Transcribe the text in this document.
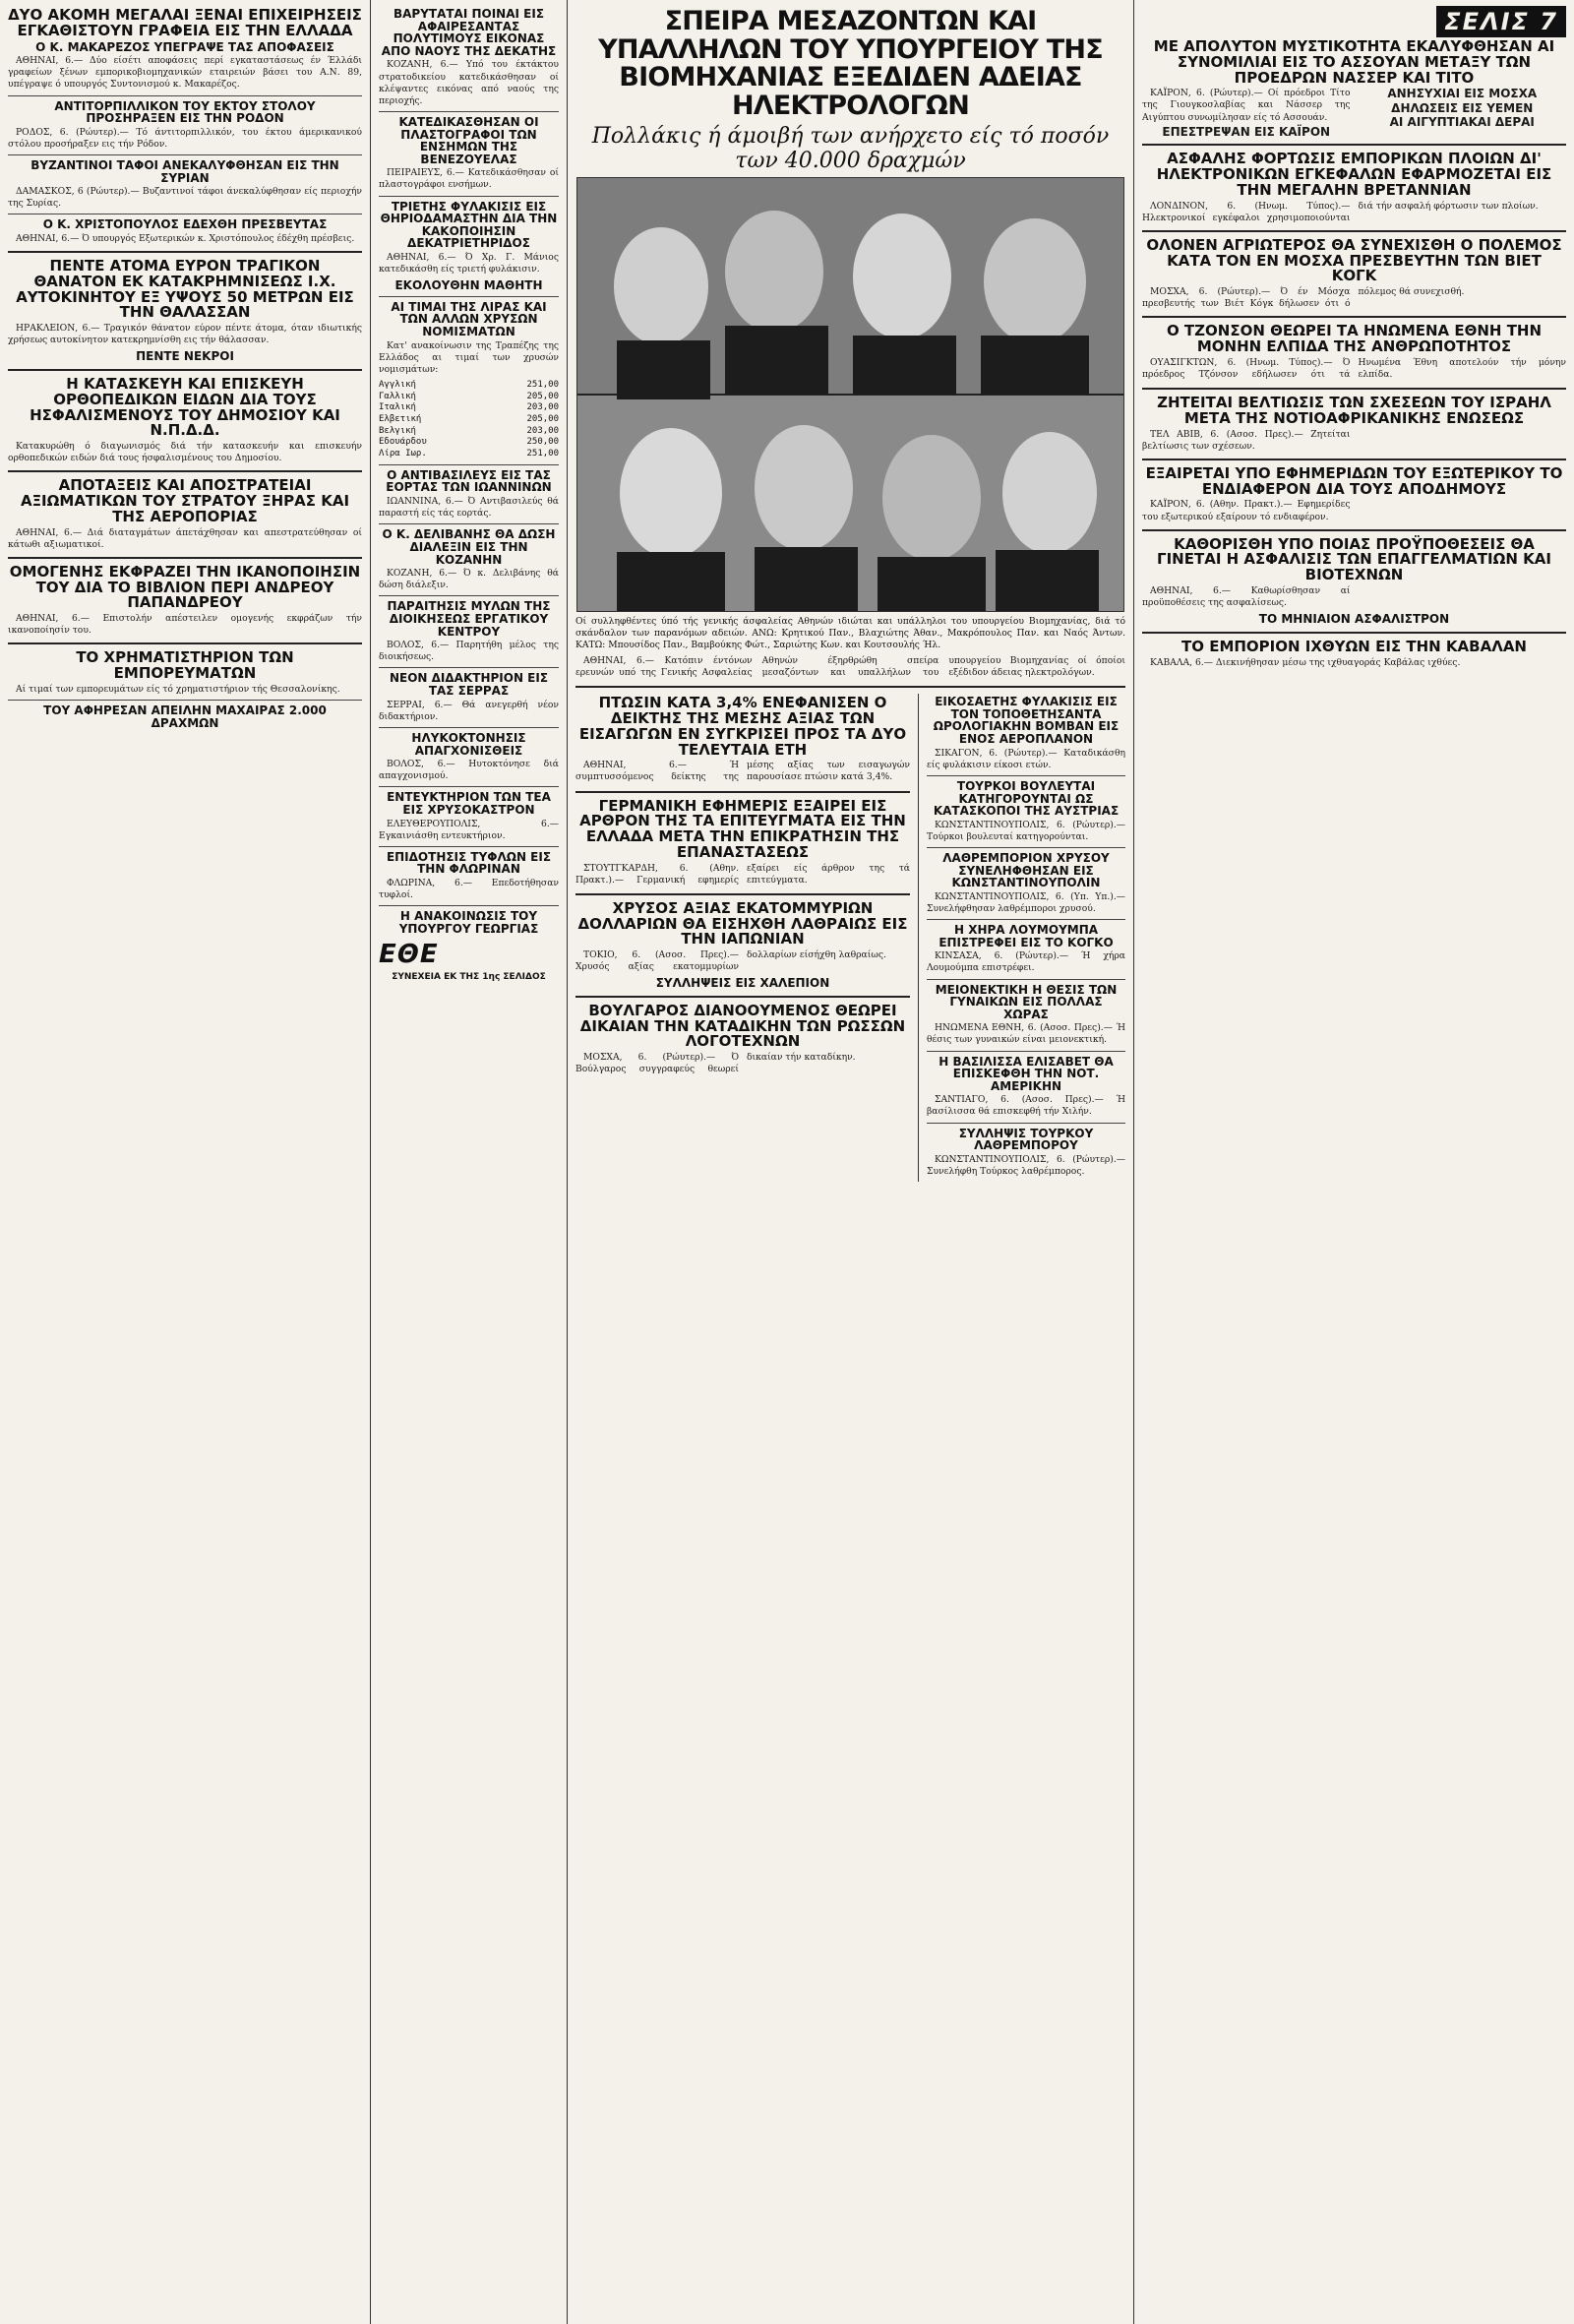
ΔΥΟ ΑΚΟΜΗ ΜΕΓΑΛΑΙ ΞΕΝΑΙ ΕΠΙΧΕΙΡΗΣΕΙΣ ΕΓΚΑΘΙΣΤΟΥΝ ΓΡΑΦΕΙΑ ΕΙΣ ΤΗΝ ΕΛΛΑΔΑ
Ο Κ. ΜΑΚΑΡΕΖΟΣ ΥΠΕΓΡΑΨΕ ΤΑΣ ΑΠΟΦΑΣΕΙΣ

ΑΘΗΝΑΙ, 6.— Δύο είσέτι αποφάσεις περί εγκαταστάσεως έν Έλλάδι γραφείων ξένων εμπορικοβιομηχανικών εταιρειών βάσει του Α.Ν. 89, υπέγραψε ό υπουργός Συντονισμού κ. Μακαρέζος.

ΑΝΤΙΤΟΡΠΙΛΛΙΚΟΝ ΤΟΥ ΕΚΤΟΥ ΣΤΟΛΟΥ ΠΡΟΣΗΡΑΞΕΝ ΕΙΣ ΤΗΝ ΡΟΔΟΝ

ΡΟΔΟΣ, 6. (Ρώυτερ).— Τό άντιτορπιλλικόν, του έκτου άμερικανικού στόλου προσήραξεν εις τήν Ρόδον.

ΒΥΖΑΝΤΙΝΟΙ ΤΑΦΟΙ ΑΝΕΚΑΛΥΦΘΗΣΑΝ ΕΙΣ ΤΗΝ ΣΥΡΙΑΝ

ΔΑΜΑΣΚΟΣ, 6 (Ρώυτερ).— Βυζαντινοί τάφοι άνεκαλύφθησαν είς περιοχήν της Συρίας.

Ο Κ. ΧΡΙΣΤΟΠΟΥΛΟΣ ΕΔΕΧΘΗ ΠΡΕΣΒΕΥΤΑΣ

ΑΘΗΝΑΙ, 6.— Ό υπουργός Εξωτερικών κ. Χριστόπουλος έδέχθη πρέσβεις.

ΠΕΝΤΕ ΑΤΟΜΑ ΕΥΡΟΝ ΤΡΑΓΙΚΟΝ ΘΑΝΑΤΟΝ ΕΚ ΚΑΤΑΚΡΗΜΝΙΣΕΩΣ Ι.Χ. ΑΥΤΟΚΙΝΗΤΟΥ ΕΞ ΥΨΟΥΣ 50 ΜΕΤΡΩΝ ΕΙΣ ΤΗΝ ΘΑΛΑΣΣΑΝ

ΗΡΑΚΛΕΙΟΝ, 6.— Τραγικόν θάνατον εύρον πέντε άτομα, όταν ιδιωτικής χρήσεως αυτοκίνητον κατεκρημνίσθη εις τήν θάλασσαν.

ΠΕΝΤΕ ΝΕΚΡΟΙ
Η ΚΑΤΑΣΚΕΥΗ ΚΑΙ ΕΠΙΣΚΕΥΗ ΟΡΘΟΠΕΔΙΚΩΝ ΕΙΔΩΝ ΔΙΑ ΤΟΥΣ ΗΣΦΑΛΙΣΜΕΝΟΥΣ ΤΟΥ ΔΗΜΟΣΙΟΥ ΚΑΙ Ν.Π.Δ.Δ.

Κατακυρώθη ό διαγωνισμός διά τήν κατασκευήν και επισκευήν ορθοπεδικών ειδών διά τους ήσφαλισμένους του Δημοσίου.

ΑΠΟΤΑΞΕΙΣ ΚΑΙ ΑΠΟΣΤΡΑΤΕΙΑΙ ΑΞΙΩΜΑΤΙΚΩΝ ΤΟΥ ΣΤΡΑΤΟΥ ΞΗΡΑΣ ΚΑΙ ΤΗΣ ΑΕΡΟΠΟΡΙΑΣ

ΑΘΗΝΑΙ, 6.— Διά διαταγμάτων άπετάχθησαν και απεστρατεύθησαν οί κάτωθι αξιωματικοί.

ΟΜΟΓΕΝΗΣ ΕΚΦΡΑΖΕΙ ΤΗΝ ΙΚΑΝΟΠΟΙΗΣΙΝ ΤΟΥ ΔΙΑ ΤΟ ΒΙΒΛΙΟΝ ΠΕΡΙ ΑΝΔΡΕΟΥ ΠΑΠΑΝΔΡΕΟΥ

ΑΘΗΝΑΙ, 6.— Επιστολήν απέστειλεν ομογενής εκφράζων τήν ικανοποίησίν του.

ΤΟ ΧΡΗΜΑΤΙΣΤΗΡΙΟΝ ΤΩΝ ΕΜΠΟΡΕΥΜΑΤΩΝ

Αί τιμαί των εμπορευμάτων είς τό χρηματιστήριον τής Θεσσαλονίκης.

ΤΟΥ ΑΦΗΡΕΣΑΝ ΑΠΕΙΛΗΝ ΜΑΧΑΙΡΑΣ 2.000 ΔΡΑΧΜΩΝ
ΒΑΡΥΤΑΤΑΙ ΠΟΙΝΑΙ ΕΙΣ ΑΦΑΙΡΕΣΑΝΤΑΣ ΠΟΛΥΤΙΜΟΥΣ ΕΙΚΟΝΑΣ ΑΠΟ ΝΑΟΥΣ ΤΗΣ ΔΕΚΑΤΗΣ

ΚΟΖΑΝΗ, 6.— Υπό του έκτάκτου στρατοδικείου κατεδικάσθησαν οί κλέψαντες εικόνας από ναούς της περιοχής.

ΚΑΤΕΔΙΚΑΣΘΗΣΑΝ ΟΙ ΠΛΑΣΤΟΓΡΑΦΟΙ ΤΩΝ ΕΝΣΗΜΩΝ ΤΗΣ ΒΕΝΕΖΟΥΕΛΑΣ

ΠΕΙΡΑΙΕΥΣ, 6.— Κατεδικάσθησαν οί πλαστογράφοι ενσήμων.

ΤΡΙΕΤΗΣ ΦΥΛΑΚΙΣΙΣ ΕΙΣ ΘΗΡΙΟΔΑΜΑΣΤΗΝ ΔΙΑ ΤΗΝ ΚΑΚΟΠΟΙΗΣΙΝ ΔΕΚΑΤΡΙΕΤΗΡΙΔΟΣ

ΑΘΗΝΑΙ, 6.— Ό Χρ. Γ. Μάνιος κατεδικάσθη είς τριετή φυλάκισιν.

ΕΚΟΛΟΥΘΗΝ ΜΑΘΗΤΗ
ΑΙ ΤΙΜΑΙ ΤΗΣ ΛΙΡΑΣ ΚΑΙ ΤΩΝ ΑΛΛΩΝ ΧΡΥΣΩΝ ΝΟΜΙΣΜΑΤΩΝ

Κατ' ανακοίνωσιν της Τραπέζης της Ελλάδος αι τιμαί των χρυσών νομισμάτων:

Αγγλική	251,00
Γαλλική	205,00
Ιταλική	203,00
Ελβετική	205,00
Βελγική	203,00
Εδουάρδου	250,00
Λίρα Ιωρ.	251,00
Ο ΑΝΤΙΒΑΣΙΛΕΥΣ ΕΙΣ ΤΑΣ ΕΟΡΤΑΣ ΤΩΝ ΙΩΑΝΝΙΝΩΝ

ΙΩΑΝΝΙΝΑ, 6.— Ό Αντιβασιλεύς θά παραστή είς τάς εορτάς.

Ο Κ. ΔΕΛΙΒΑΝΗΣ ΘΑ ΔΩΣΗ ΔΙΑΛΕΞΙΝ ΕΙΣ ΤΗΝ ΚΟΖΑΝΗΝ

ΚΟΖΑΝΗ, 6.— Ό κ. Δελιβάνης θά δώση διάλεξιν.

ΠΑΡΑΙΤΗΣΙΣ ΜΥΛΩΝ ΤΗΣ ΔΙΟΙΚΗΣΕΩΣ ΕΡΓΑΤΙΚΟΥ ΚΕΝΤΡΟΥ

ΒΟΛΟΣ, 6.— Παρητήθη μέλος της διοικήσεως.

ΝΕΟΝ ΔΙΔΑΚΤΗΡΙΟΝ ΕΙΣ ΤΑΣ ΣΕΡΡΑΣ

ΣΕΡΡΑΙ, 6.— Θά ανεγερθή νέον διδακτήριον.

ΗΛΥΚΟΚΤΟΝΗΣΙΣ ΑΠΑΓΧΟΝΙΣΘΕΙΣ

ΒΟΛΟΣ, 6.— Ηυτοκτόνησε διά απαγχονισμού.

ΕΝΤΕΥΚΤΗΡΙΟΝ ΤΩΝ ΤΕΑ ΕΙΣ ΧΡΥΣΟΚΑΣΤΡΟΝ

ΕΛΕΥΘΕΡΟΥΠΟΛΙΣ, 6.— Εγκαινιάσθη εντευκτήριον.

ΕΠΙΔΟΤΗΣΙΣ ΤΥΦΛΩΝ ΕΙΣ ΤΗΝ ΦΛΩΡΙΝΑΝ

ΦΛΩΡΙΝΑ, 6.— Επεδοτήθησαν τυφλοί.

Η ΑΝΑΚΟΙΝΩΣΙΣ ΤΟΥ ΥΠΟΥΡΓΟΥ ΓΕΩΡΓΙΑΣ
ΕΘΕ
ΣΥΝΕΧΕΙΑ ΕΚ ΤΗΣ 1ης ΣΕΛΙΔΟΣ
ΣΠΕΙΡΑ ΜΕΣΑΖΟΝΤΩΝ ΚΑΙ ΥΠΑΛΛΗΛΩΝ ΤΟΥ ΥΠΟΥΡΓΕΙΟΥ ΤΗΣ ΒΙΟΜΗΧΑΝΙΑΣ ΕΞΕΔΙΔΕΝ ΑΔΕΙΑΣ ΗΛΕΚΤΡΟΛΟΓΩΝ
Πολλάκις ή άμοιβή των ανήρχετο είς τό ποσόν των 40.000 δραχμών
Οί συλληφθέντες ύπό τής γενικής άσφαλείας Αθηνών ιδιώται και υπάλληλοι του υπουργείου Βιομηχανίας, διά τό σκάνδαλον των παρανόμων αδειών. ΑΝΩ: Κρητικού Παν., Βλαχιώτης Άθαν., Μακρόπουλος Παν. και Ναός Άντων. ΚΑΤΩ: Μπουσίδος Παν., Βαμβούκης Φώτ., Σαριώτης Κων. και Κουτσουλής Ήλ.

ΑΘΗΝΑΙ, 6.— Κατόπιν έντόνων ερευνών υπό της Γενικής Ασφαλείας Αθηνών έξηρθρώθη σπείρα μεσαζόντων και υπαλλήλων του υπουργείου Βιομηχανίας οί όποίοι εξέδιδον άδειας ηλεκτρολόγων.

ΠΤΩΣΙΝ ΚΑΤΑ 3,4% ΕΝΕΦΑΝΙΣΕΝ Ο ΔΕΙΚΤΗΣ ΤΗΣ ΜΕΣΗΣ ΑΞΙΑΣ ΤΩΝ ΕΙΣΑΓΩΓΩΝ ΕΝ ΣΥΓΚΡΙΣΕΙ ΠΡΟΣ ΤΑ ΔΥΟ ΤΕΛΕΥΤΑΙΑ ΕΤΗ

ΑΘΗΝΑΙ, 6.— Ή συμπτυσσόμενος δείκτης της μέσης αξίας των εισαγωγών παρουσίασε πτώσιν κατά 3,4%.

ΓΕΡΜΑΝΙΚΗ ΕΦΗΜΕΡΙΣ ΕΞΑΙΡΕΙ ΕΙΣ ΑΡΘΡΟΝ ΤΗΣ ΤΑ ΕΠΙΤΕΥΓΜΑΤΑ ΕΙΣ ΤΗΝ ΕΛΛΑΔΑ ΜΕΤΑ ΤΗΝ ΕΠΙΚΡΑΤΗΣΙΝ ΤΗΣ ΕΠΑΝΑΣΤΑΣΕΩΣ

ΣΤΟΥΤΓΚΑΡΔΗ, 6. (Αθην. Πρακτ.).— Γερμανική εφημερίς εξαίρει είς άρθρον της τά επιτεύγματα.

ΧΡΥΣΟΣ ΑΞΙΑΣ ΕΚΑΤΟΜΜΥΡΙΩΝ ΔΟΛΛΑΡΙΩΝ ΘΑ ΕΙΣΗΧΘΗ ΛΑΘΡΑΙΩΣ ΕΙΣ ΤΗΝ ΙΑΠΩΝΙΑΝ

ΤΟΚΙΟ, 6. (Ασοσ. Πρες).— Χρυσός αξίας εκατομμυρίων δολλαρίων είσήχθη λαθραίως.

ΣΥΛΛΗΨΕΙΣ ΕΙΣ ΧΑΛΕΠΙΟΝ
ΒΟΥΛΓΑΡΟΣ ΔΙΑΝΟΟΥΜΕΝΟΣ ΘΕΩΡΕΙ ΔΙΚΑΙΑΝ ΤΗΝ ΚΑΤΑΔΙΚΗΝ ΤΩΝ ΡΩΣΣΩΝ ΛΟΓΟΤΕΧΝΩΝ

ΜΟΣΧΑ, 6. (Ρώυτερ).— Ό Βούλγαρος συγγραφεύς θεωρεί δικαίαν τήν καταδίκην.

ΕΙΚΟΣΑΕΤΗΣ ΦΥΛΑΚΙΣΙΣ ΕΙΣ ΤΟΝ ΤΟΠΟΘΕΤΗΣΑΝΤΑ ΩΡΟΛΟΓΙΑΚΗΝ ΒΟΜΒΑΝ ΕΙΣ ΕΝΟΣ ΑΕΡΟΠΛΑΝΟΝ

ΣΙΚΑΓΟΝ, 6. (Ρώυτερ).— Καταδικάσθη είς φυλάκισιν είκοσι ετών.

ΤΟΥΡΚΟΙ ΒΟΥΛΕΥΤΑΙ ΚΑΤΗΓΟΡΟΥΝΤΑΙ ΩΣ ΚΑΤΑΣΚΟΠΟΙ ΤΗΣ ΑΥΣΤΡΙΑΣ

ΚΩΝΣΤΑΝΤΙΝΟΥΠΟΛΙΣ, 6. (Ρώυτερ).— Τούρκοι βουλευταί κατηγορούνται.

ΛΑΘΡΕΜΠΟΡΙΟΝ ΧΡΥΣΟΥ ΣΥΝΕΛΗΦΘΗΣΑΝ ΕΙΣ ΚΩΝΣΤΑΝΤΙΝΟΥΠΟΛΙΝ

ΚΩΝΣΤΑΝΤΙΝΟΥΠΟΛΙΣ, 6. (Υπ. Υπ.).— Συνελήφθησαν λαθρέμποροι χρυσού.

Η ΧΗΡΑ ΛΟΥΜΟΥΜΠΑ ΕΠΙΣΤΡΕΦΕΙ ΕΙΣ ΤΟ ΚΟΓΚΟ

ΚΙΝΣΑΣΑ, 6. (Ρώυτερ).— Ή χήρα Λουμούμπα επιστρέφει.

ΜΕΙΟΝΕΚΤΙΚΗ Η ΘΕΣΙΣ ΤΩΝ ΓΥΝΑΙΚΩΝ ΕΙΣ ΠΟΛΛΑΣ ΧΩΡΑΣ

ΗΝΩΜΕΝΑ ΕΘΝΗ, 6. (Ασοσ. Πρες).— Ή θέσις των γυναικών είναι μειονεκτική.

Η ΒΑΣΙΛΙΣΣΑ ΕΛΙΣΑΒΕΤ ΘΑ ΕΠΙΣΚΕΦΘΗ ΤΗΝ ΝΟΤ. ΑΜΕΡΙΚΗΝ

ΣΑΝΤΙΑΓΟ, 6. (Ασοσ. Πρες).— Ή βασίλισσα θά επισκεφθή τήν Χιλήν.

ΣΥΛΛΗΨΙΣ ΤΟΥΡΚΟΥ ΛΑΘΡΕΜΠΟΡΟΥ

ΚΩΝΣΤΑΝΤΙΝΟΥΠΟΛΙΣ, 6. (Ρώυτερ).— Συνελήφθη Τούρκος λαθρέμπορος.

ΣΕΛΙΣ 7
ΜΕ ΑΠΟΛΥΤΟΝ ΜΥΣΤΙΚΟΤΗΤΑ ΕΚΑΛΥΦΘΗΣΑΝ ΑΙ ΣΥΝΟΜΙΛΙΑΙ ΕΙΣ ΤΟ ΑΣΣΟΥΑΝ ΜΕΤΑΞΥ ΤΩΝ ΠΡΟΕΔΡΩΝ ΝΑΣΣΕΡ ΚΑΙ ΤΙΤΟ

ΚΑΪΡΟΝ, 6. (Ρώυτερ).— Οί πρόεδροι Τίτο της Γιουγκοσλαβίας και Νάσσερ της Αιγύπτου συνωμίλησαν είς τό Ασσουάν.

ΕΠΕΣΤΡΕΨΑΝ ΕΙΣ ΚΑΪΡΟΝ
ΑΝΗΣΥΧΙΑΙ ΕΙΣ ΜΟΣΧΑ
ΔΗΛΩΣΕΙΣ ΕΙΣ ΥΕΜΕΝ
ΑΙ ΑΙΓΥΠΤΙΑΚΑΙ ΔΕΡΑΙ
ΑΣΦΑΛΗΣ ΦΟΡΤΩΣΙΣ ΕΜΠΟΡΙΚΩΝ ΠΛΟΙΩΝ ΔΙ' ΗΛΕΚΤΡΟΝΙΚΩΝ ΕΓΚΕΦΑΛΩΝ ΕΦΑΡΜΟΖΕΤΑΙ ΕΙΣ ΤΗΝ ΜΕΓΑΛΗΝ ΒΡΕΤΑΝΝΙΑΝ

ΛΟΝΔΙΝΟΝ, 6. (Ηνωμ. Τύπος).— Ηλεκτρονικοί εγκέφαλοι χρησιμοποιούνται διά τήν ασφαλή φόρτωσιν των πλοίων.

ΟΛΟΝΕΝ ΑΓΡΙΩΤΕΡΟΣ ΘΑ ΣΥΝΕΧΙΣΘΗ Ο ΠΟΛΕΜΟΣ ΚΑΤΑ ΤΟΝ ΕΝ ΜΟΣΧΑ ΠΡΕΣΒΕΥΤΗΝ ΤΩΝ ΒΙΕΤ ΚΟΓΚ

ΜΟΣΧΑ, 6. (Ρώυτερ).— Ό έν Μόσχα πρεσβευτής των Βιέτ Κόγκ δήλωσεν ότι ό πόλεμος θά συνεχισθή.

Ο ΤΖΟΝΣΟΝ ΘΕΩΡΕΙ ΤΑ ΗΝΩΜΕΝΑ ΕΘΝΗ ΤΗΝ ΜΟΝΗΝ ΕΛΠΙΔΑ ΤΗΣ ΑΝΘΡΩΠΟΤΗΤΟΣ

ΟΥΑΣΙΓΚΤΩΝ, 6. (Ηνωμ. Τύπος).— Ό πρόεδρος Τζόνσον εδήλωσεν ότι τά Ηνωμένα Έθνη αποτελούν τήν μόνην ελπίδα.

ΖΗΤΕΙΤΑΙ ΒΕΛΤΙΩΣΙΣ ΤΩΝ ΣΧΕΣΕΩΝ ΤΟΥ ΙΣΡΑΗΛ ΜΕΤΑ ΤΗΣ ΝΟΤΙΟΑΦΡΙΚΑΝΙΚΗΣ ΕΝΩΣΕΩΣ

ΤΕΛ ΑΒΙΒ, 6. (Ασοσ. Πρες).— Ζητείται βελτίωσις των σχέσεων.

ΕΞΑΙΡΕΤΑΙ ΥΠΟ ΕΦΗΜΕΡΙΔΩΝ ΤΟΥ ΕΞΩΤΕΡΙΚΟΥ ΤΟ ΕΝΔΙΑΦΕΡΟΝ ΔΙΑ ΤΟΥΣ ΑΠΟΔΗΜΟΥΣ

ΚΑΪΡΟΝ, 6. (Αθην. Πρακτ.).— Εφημερίδες του εξωτερικού εξαίρουν τό ενδιαφέρον.

ΚΑΘΟΡΙΣΘΗ ΥΠΟ ΠΟΙΑΣ ΠΡΟΫΠΟΘΕΣΕΙΣ ΘΑ ΓΙΝΕΤΑΙ Η ΑΣΦΑΛΙΣΙΣ ΤΩΝ ΕΠΑΓΓΕΛΜΑΤΙΩΝ ΚΑΙ ΒΙΟΤΕΧΝΩΝ

ΑΘΗΝΑΙ, 6.— Καθωρίσθησαν αί προϋποθέσεις της ασφαλίσεως.

ΤΟ ΜΗΝΙΑΙΟΝ ΑΣΦΑΛΙΣΤΡΟΝ
ΤΟ ΕΜΠΟΡΙΟΝ ΙΧΘΥΩΝ ΕΙΣ ΤΗΝ ΚΑΒΑΛΑΝ

ΚΑΒΑΛΑ, 6.— Διεκινήθησαν μέσω της ιχθυαγοράς Καβάλας ιχθύες.
